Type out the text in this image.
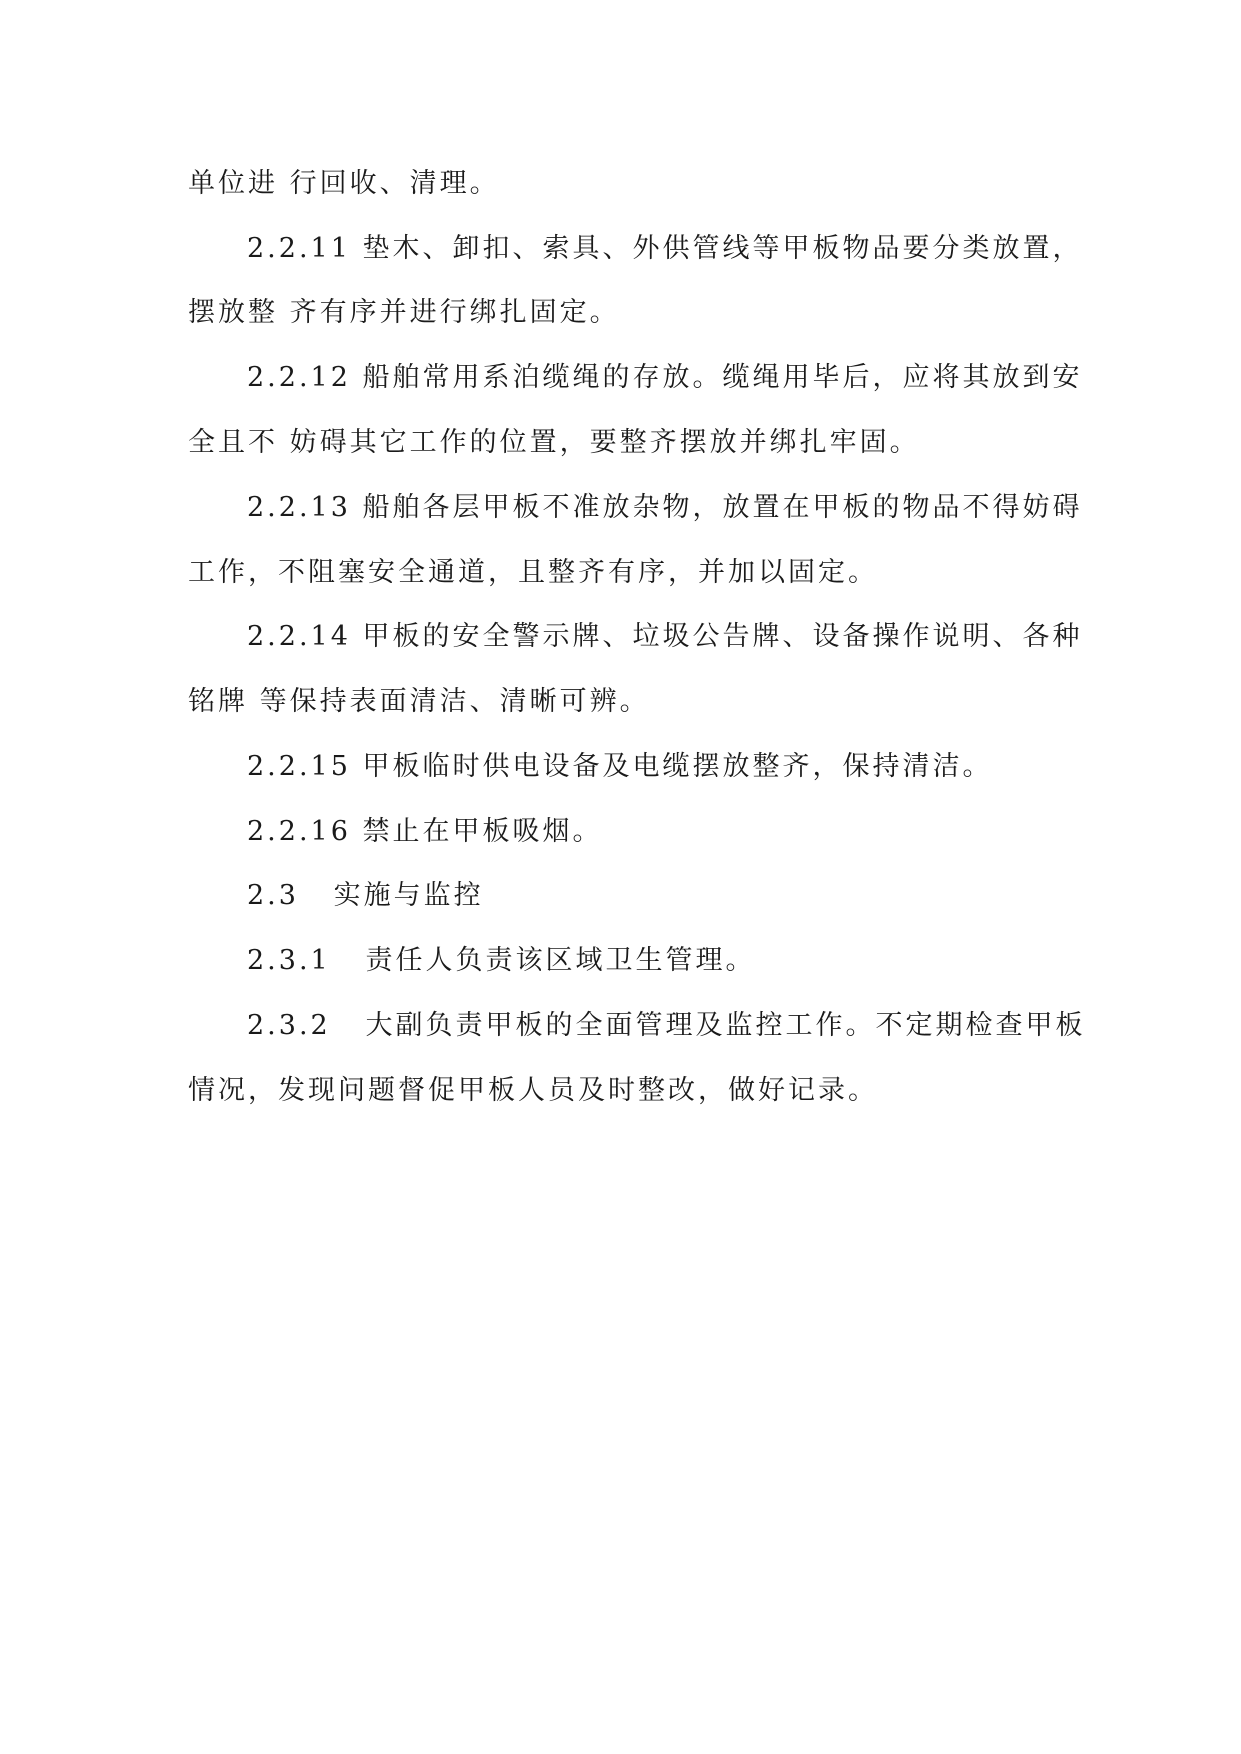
单位进 行回收、清理。
2.2.11 垫木、卸扣、索具、外供管线等甲板物品要分类放置，
摆放整 齐有序并进行绑扎固定。
2.2.12 船舶常用系泊缆绳的存放。缆绳用毕后，应将其放到安
全且不 妨碍其它工作的位置，要整齐摆放并绑扎牢固。
2.2.13 船舶各层甲板不准放杂物，放置在甲板的物品不得妨碍
工作，不阻塞安全通道，且整齐有序，并加以固定。
2.2.14 甲板的安全警示牌、垃圾公告牌、设备操作说明、各种
铭牌 等保持表面清洁、清晰可辨。
2.2.15 甲板临时供电设备及电缆摆放整齐，保持清洁。
2.2.16 禁止在甲板吸烟。
2.3   实施与监控
2.3.1   责任人负责该区域卫生管理。
2.3.2   大副负责甲板的全面管理及监控工作。不定期检查甲板
情况，发现问题督促甲板人员及时整改，做好记录。
